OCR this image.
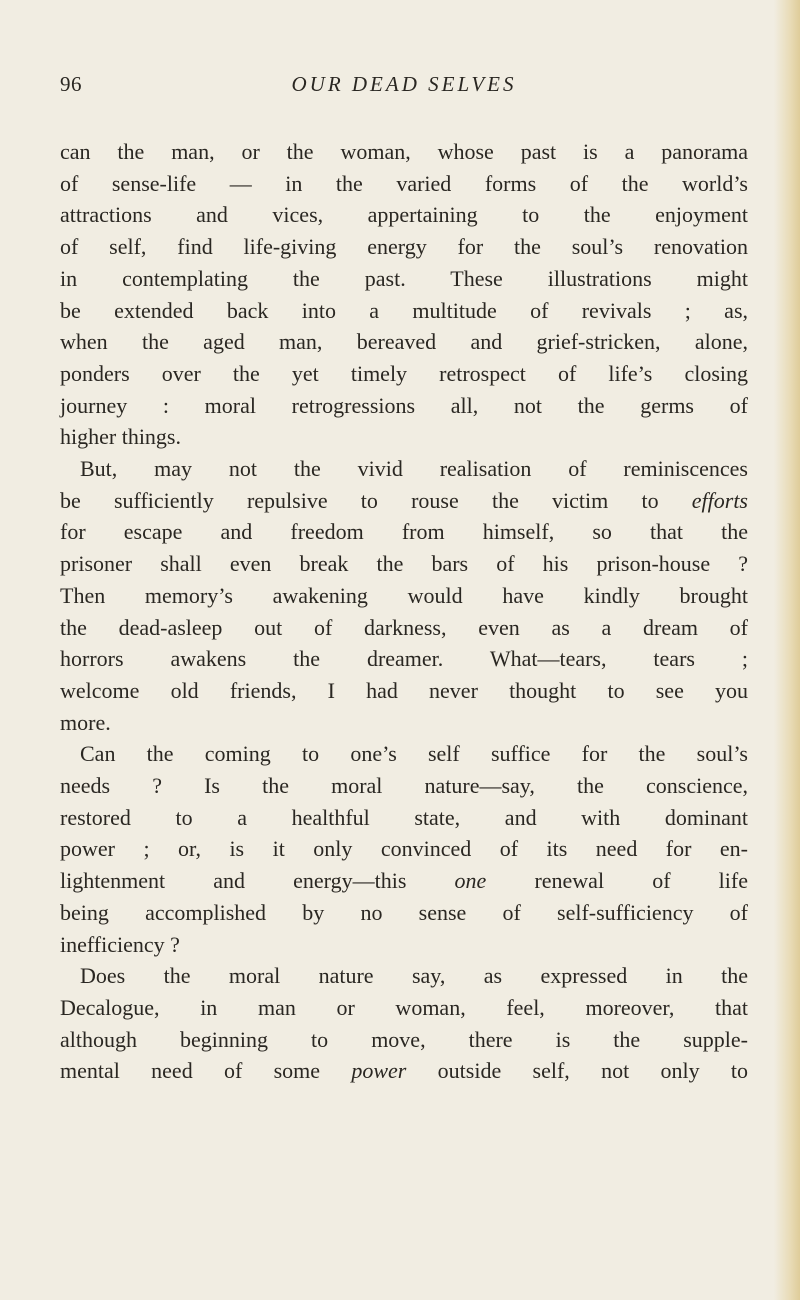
96	OUR DEAD SELVES

can the man, or the woman, whose past is a panorama

of sense-life — in the varied forms of the world’s

attractions and vices, appertaining to the enjoyment

of self, find life-giving energy for the soul’s renovation

in contemplating the past. These illustrations might

be extended back into a multitude of revivals ; as,

when the aged man, bereaved and grief-stricken, alone,

ponders over the yet timely retrospect of life’s closing

journey : moral retrogressions all, not the germs of

higher things.

But, may not the vivid realisation of reminiscences

be sufficiently repulsive to rouse the victim to efforts

for escape and freedom from himself, so that the

prisoner shall even break the bars of his prison-house ?

Then memory’s awakening would have kindly brought

the dead-asleep out of darkness, even as a dream of

horrors awakens the dreamer. What—tears, tears ;

welcome old friends, I had never thought to see you

more.

Can the coming to one’s self suffice for the soul’s

needs ? Is the moral nature—say, the conscience,

restored to a healthful state, and with dominant

power ; or, is it only convinced of its need for en-

lightenment and energy—this one renewal of life

being accomplished by no sense of self-sufficiency of

inefficiency ?

Does the moral nature say, as expressed in the

Decalogue, in man or woman, feel, moreover, that

although beginning to move, there is the supple-

mental need of some power outside self, not only to
